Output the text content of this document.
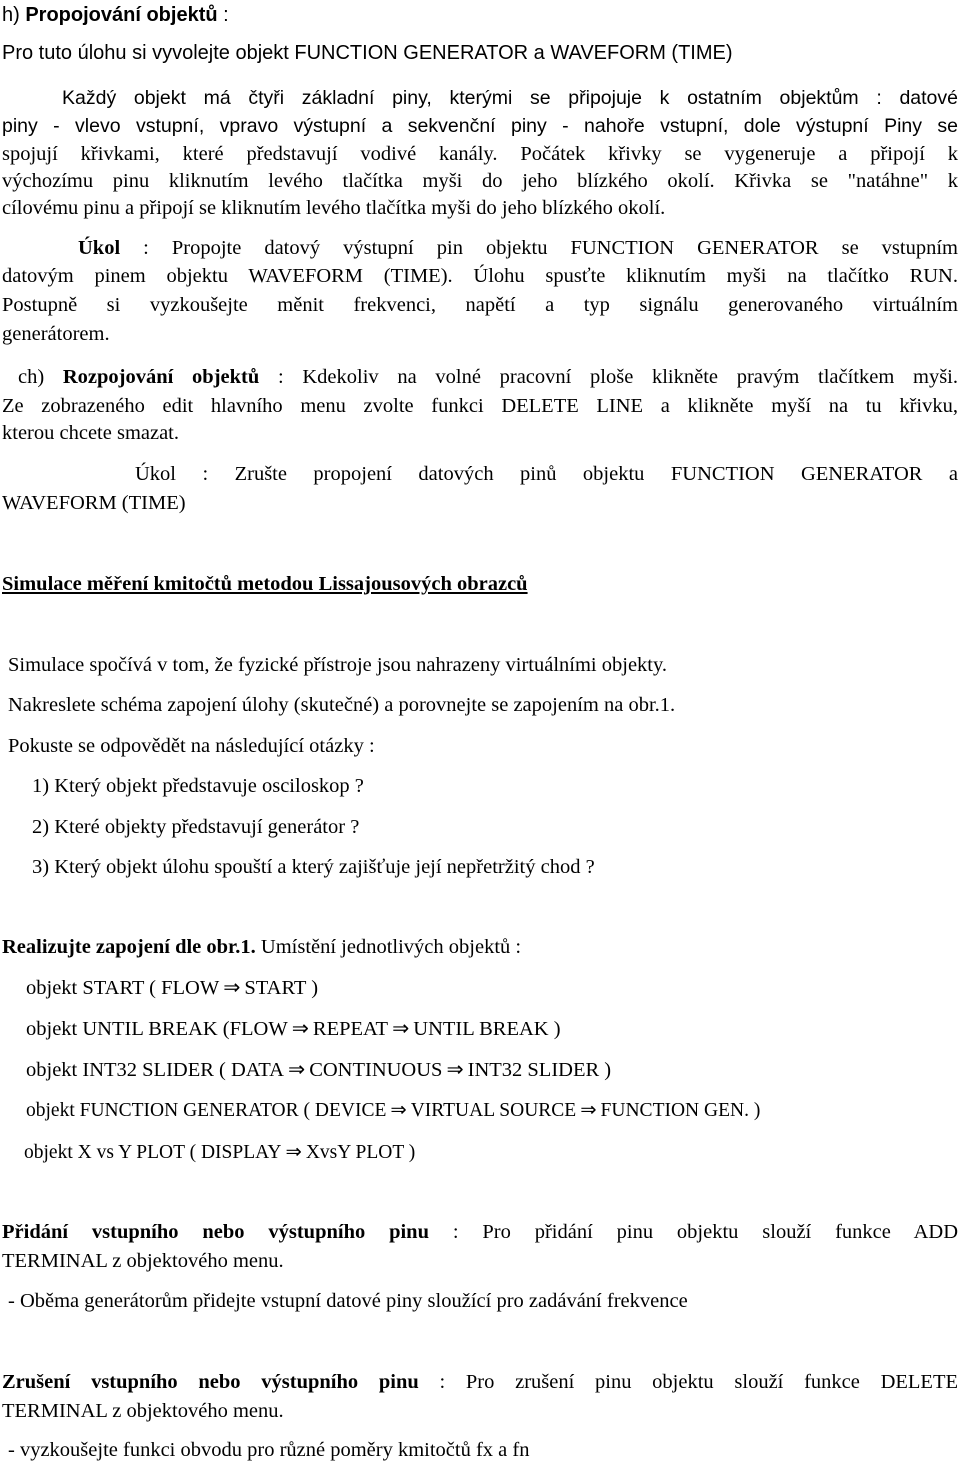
h) Propojování objektů :
Pro tuto úlohu si vyvolejte objekt FUNCTION GENERATOR a WAVEFORM (TIME)
Každý objekt má čtyři základní piny, kterými se připojuje k ostatním objektům : datové
piny - vlevo vstupní, vpravo výstupní a sekvenční piny - nahoře vstupní, dole výstupní Piny se
spojují křivkami, které představují vodivé kanály. Počátek křivky se vygeneruje a připojí k
výchozímu pinu kliknutím levého tlačítka myši do jeho blízkého okolí. Křivka se "natáhne" k
cílovému pinu a připojí se kliknutím levého tlačítka myši do jeho blízkého okolí.
Úkol : Propojte datový výstupní pin objektu FUNCTION GENERATOR se vstupním
datovým pinem objektu WAVEFORM (TIME). Úlohu spusťte kliknutím myši na tlačítko RUN.
Postupně si vyzkoušejte měnit frekvenci, napětí a typ signálu generovaného virtuálním
generátorem.
ch) Rozpojování objektů : Kdekoliv na volné pracovní ploše klikněte pravým tlačítkem myši.
Ze zobrazeného edit hlavního menu zvolte funkci DELETE LINE a klikněte myší na tu křivku,
kterou chcete smazat.
Úkol : Zrušte propojení datových pinů objektu FUNCTION GENERATOR a
WAVEFORM (TIME)
Simulace měření kmitočtů metodou Lissajousových obrazců
Simulace spočívá v tom, že fyzické přístroje jsou nahrazeny virtuálními objekty.
Nakreslete schéma zapojení úlohy (skutečné) a porovnejte se zapojením na obr.1.
Pokuste se odpovědět na následující otázky :
1) Který objekt představuje osciloskop ?
2) Které objekty představují generátor ?
3) Který objekt úlohu spouští a který zajišťuje její nepřetržitý chod ?
Realizujte zapojení dle obr.1. Umístění jednotlivých objektů :
objekt START ( FLOW ⇒ START )
objekt UNTIL BREAK (FLOW ⇒ REPEAT ⇒ UNTIL BREAK )
objekt INT32 SLIDER ( DATA ⇒ CONTINUOUS ⇒ INT32 SLIDER )
objekt FUNCTION GENERATOR ( DEVICE ⇒ VIRTUAL SOURCE ⇒ FUNCTION GEN. )
objekt X vs Y PLOT ( DISPLAY ⇒ XvsY PLOT )
Přidání vstupního nebo výstupního pinu : Pro přidání pinu objektu slouží funkce ADD
TERMINAL z objektového menu.
- Oběma generátorům přidejte vstupní datové piny sloužící pro zadávání frekvence
Zrušení vstupního nebo výstupního pinu : Pro zrušení pinu objektu slouží funkce DELETE
TERMINAL z objektového menu.
- vyzkoušejte funkci obvodu pro různé poměry kmitočtů fx a fn
